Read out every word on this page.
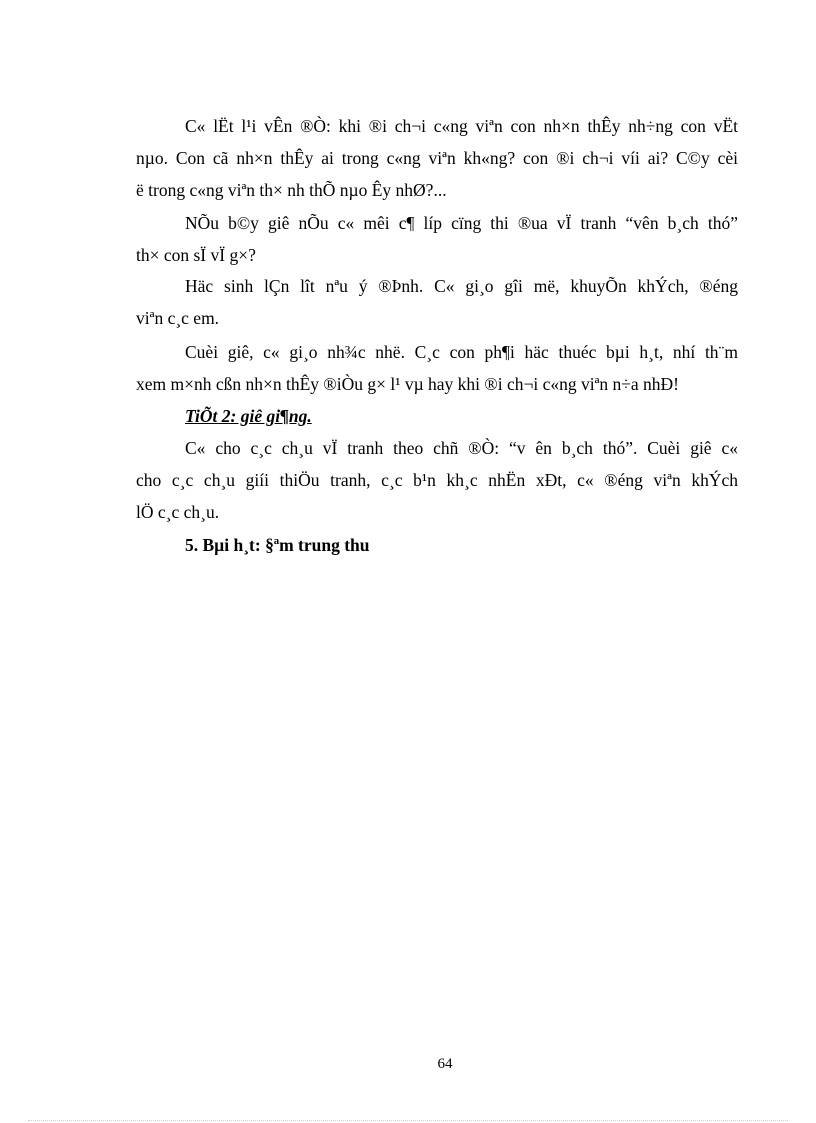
C« lËt l¹i vÊn ®Ò: khi ®i ch¬i c«ng viªn con nh×n thÊy nh÷ng con vËt
nµo. Con cã nh×n thÊy ai trong c«ng viªn kh«ng? con ®i ch¬i víi ai? C©y cèi
ë trong c«ng viªn th× nh thÕ nµo Êy nhØ?...
NÕu b©y giê nÕu c« mêi c¶ líp cïng thi ®ua vÏ tranh “vên b¸ch thó”
th× con sÏ vÏ g×?
Häc sinh lÇn lît nªu ý ®Þnh. C« gi¸o gîi më, khuyÕn khÝch, ®éng
viªn c¸c em.
Cuèi giê, c« gi¸o nh¾c nhë. C¸c con ph¶i häc thuéc bµi h¸t, nhí th¨m
xem m×nh cßn nh×n thÊy ®iÒu g× l¹ vµ hay khi ®i ch¬i c«ng viªn n÷a nhÐ!
TiÕt 2: giê gi¶ng.
C« cho c¸c ch¸u vÏ tranh theo chñ ®Ò: “v ên b¸ch thó”. Cuèi giê c«
cho c¸c ch¸u giíi thiÖu tranh, c¸c b¹n kh¸c nhËn xÐt, c« ®éng viªn khÝch
lÖ c¸c ch¸u.
5. Bµi h¸t: §ªm trung thu
64
